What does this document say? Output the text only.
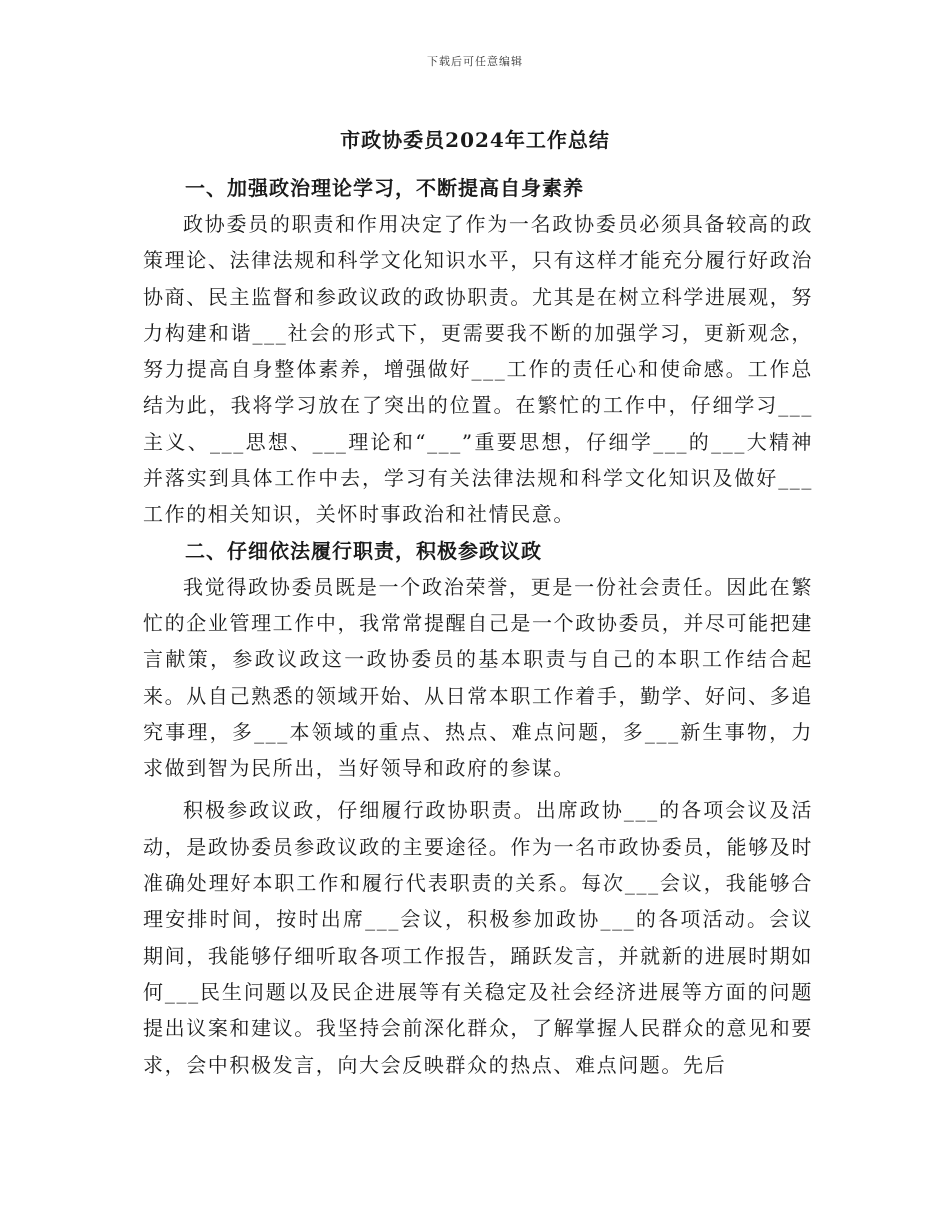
下载后可任意编辑
市政协委员2024年工作总结

一、加强政治理论学习，不断提高自身素养

政协委员的职责和作用决定了作为一名政协委员必须具备较高的政策理论、法律法规和科学文化知识水平，只有这样才能充分履行好政治协商、民主监督和参政议政的政协职责。尤其是在树立科学进展观，努力构建和谐___社会的形式下，更需要我不断的加强学习，更新观念，努力提高自身整体素养，增强做好___工作的责任心和使命感。工作总结为此，我将学习放在了突出的位置。在繁忙的工作中，仔细学习___主义、___思想、___理论和“___”重要思想，仔细学___的___大精神并落实到具体工作中去，学习有关法律法规和科学文化知识及做好___工作的相关知识，关怀时事政治和社情民意。

二、仔细依法履行职责，积极参政议政

我觉得政协委员既是一个政治荣誉，更是一份社会责任。因此在繁忙的企业管理工作中，我常常提醒自己是一个政协委员，并尽可能把建言献策，参政议政这一政协委员的基本职责与自己的本职工作结合起来。从自己熟悉的领域开始、从日常本职工作着手，勤学、好问、多追究事理，多___本领域的重点、热点、难点问题，多___新生事物，力求做到智为民所出，当好领导和政府的参谋。

积极参政议政，仔细履行政协职责。出席政协___的各项会议及活动，是政协委员参政议政的主要途径。作为一名市政协委员，能够及时准确处理好本职工作和履行代表职责的关系。每次___会议，我能够合理安排时间，按时出席___会议，积极参加政协___的各项活动。会议期间，我能够仔细听取各项工作报告，踊跃发言，并就新的进展时期如何___民生问题以及民企进展等有关稳定及社会经济进展等方面的问题提出议案和建议。我坚持会前深化群众，了解掌握人民群众的意见和要求，会中积极发言，向大会反映群众的热点、难点问题。先后
